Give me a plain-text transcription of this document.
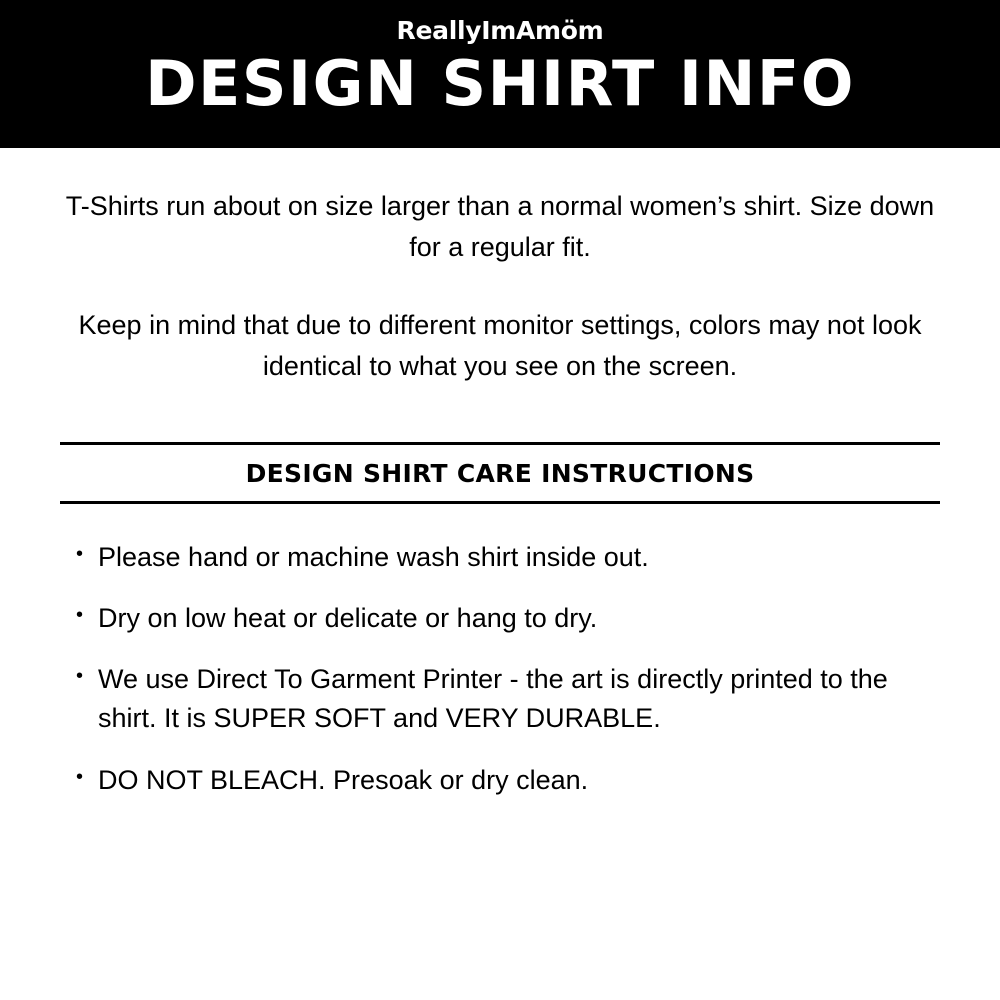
ReallyImAmöm
DESIGN SHIRT INFO

T-Shirts run about on size larger than a normal women’s shirt. Size down for a regular fit.

Keep in mind that due to different monitor settings, colors may not look identical to what you see on the screen.

DESIGN SHIRT CARE INSTRUCTIONS
• Please hand or machine wash shirt inside out.
• Dry on low heat or delicate or hang to dry.
• We use Direct To Garment Printer - the art is directly printed to the shirt. It is SUPER SOFT and VERY DURABLE.
• DO NOT BLEACH. Presoak or dry clean.
